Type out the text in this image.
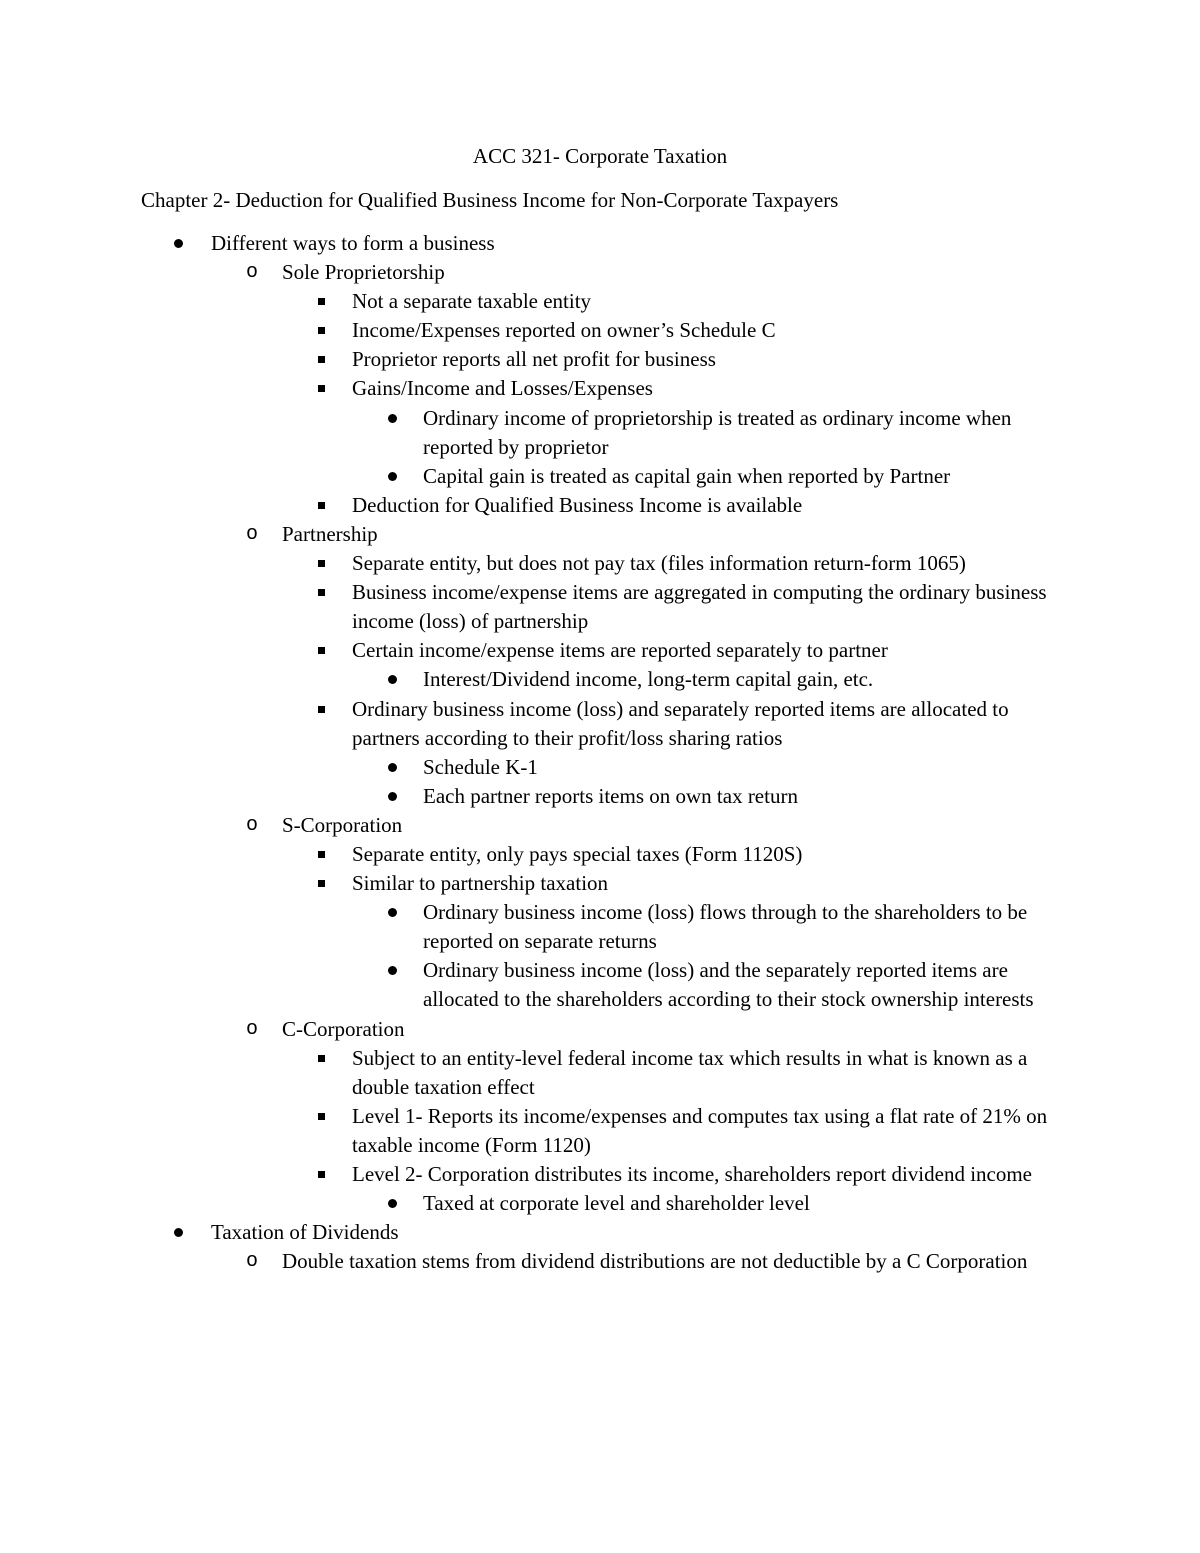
ACC 321- Corporate Taxation
Chapter 2- Deduction for Qualified Business Income for Non-Corporate Taxpayers
Different ways to form a business
o Sole Proprietorship
Not a separate taxable entity
Income/Expenses reported on owner’s Schedule C
Proprietor reports all net profit for business
Gains/Income and Losses/Expenses
Ordinary income of proprietorship is treated as ordinary income when reported by proprietor
Capital gain is treated as capital gain when reported by Partner
Deduction for Qualified Business Income is available
o Partnership
Separate entity, but does not pay tax (files information return-form 1065)
Business income/expense items are aggregated in computing the ordinary business income (loss) of partnership
Certain income/expense items are reported separately to partner
Interest/Dividend income, long-term capital gain, etc.
Ordinary business income (loss) and separately reported items are allocated to partners according to their profit/loss sharing ratios
Schedule K-1
Each partner reports items on own tax return
o S-Corporation
Separate entity, only pays special taxes (Form 1120S)
Similar to partnership taxation
Ordinary business income (loss) flows through to the shareholders to be reported on separate returns
Ordinary business income (loss) and the separately reported items are allocated to the shareholders according to their stock ownership interests
o C-Corporation
Subject to an entity-level federal income tax which results in what is known as a double taxation effect
Level 1- Reports its income/expenses and computes tax using a flat rate of 21% on taxable income (Form 1120)
Level 2- Corporation distributes its income, shareholders report dividend income
Taxed at corporate level and shareholder level
Taxation of Dividends
o Double taxation stems from dividend distributions are not deductible by a C Corporation
